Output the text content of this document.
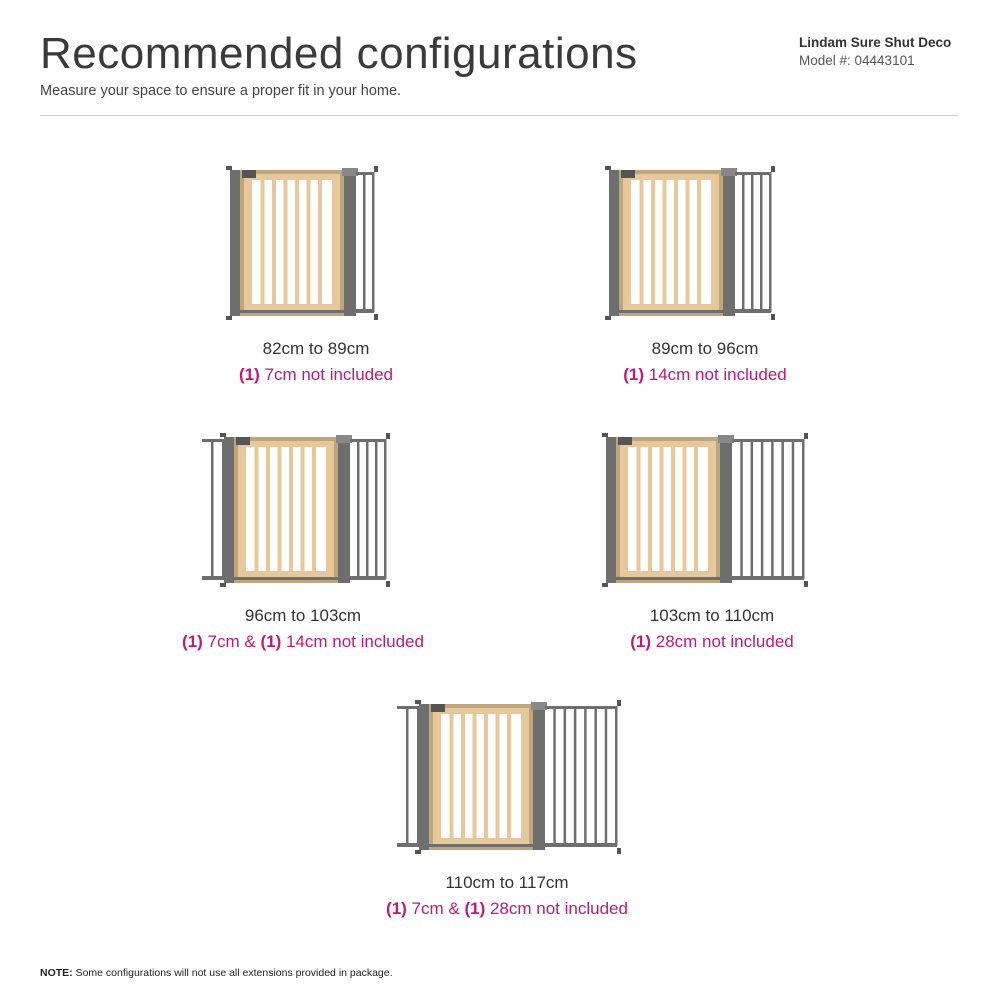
Recommended configurations

Measure your space to ensure a proper fit in your home.

Lindam Sure Shut Deco
Model #: 04443101
82cm to 89cm
(1) 7cm not included
89cm to 96cm
(1) 14cm not included
96cm to 103cm
(1) 7cm & (1) 14cm not included
103cm to 110cm
(1) 28cm not included
110cm to 117cm
(1) 7cm & (1) 28cm not included
NOTE: Some configurations will not use all extensions provided in package.
